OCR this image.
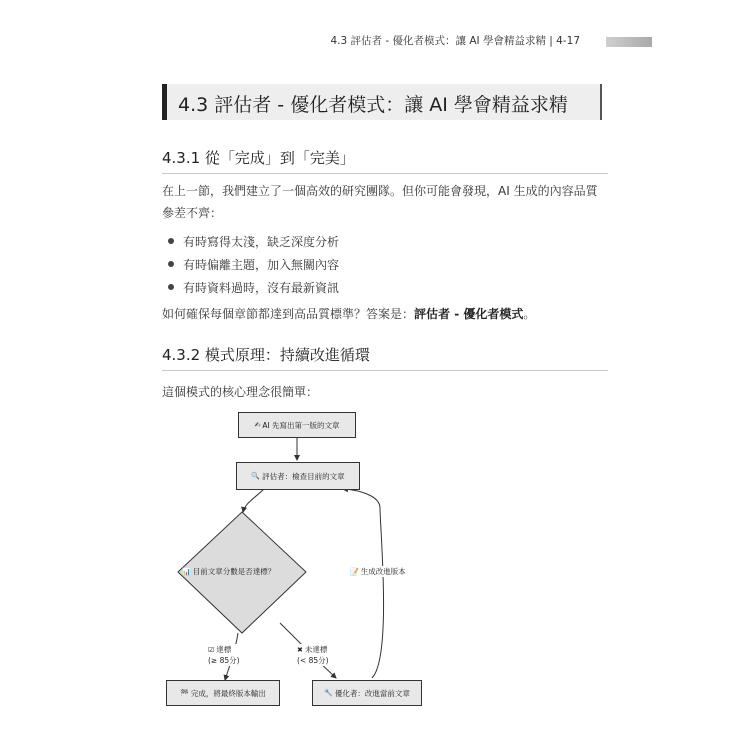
4.3 評估者 - 優化者模式：讓 AI 學會精益求精 | 4-17
4.3 評估者 - 優化者模式：讓 AI 學會精益求精
4.3.1 從「完成」到「完美」
在上一節，我們建立了一個高效的研究團隊。但你可能會發現，AI 生成的內容品質參差不齊：
有時寫得太淺，缺乏深度分析
有時偏離主題，加入無關內容
有時資料過時，沒有最新資訊
如何確保每個章節都達到高品質標準？答案是：評估者 - 優化者模式。
4.3.2 模式原理：持續改進循環
這個模式的核心理念很簡單：
✍ AI 先寫出第一版的文章
🔍 評估者：檢查目前的文章
📊 目前文章分數是否達標？	📝 生成改進版本
☑ 達標
(≥ 85分)
✖ 未達標
(< 85分)
🏁 完成，將最終版本輸出	🔧 優化者：改進當前文章
